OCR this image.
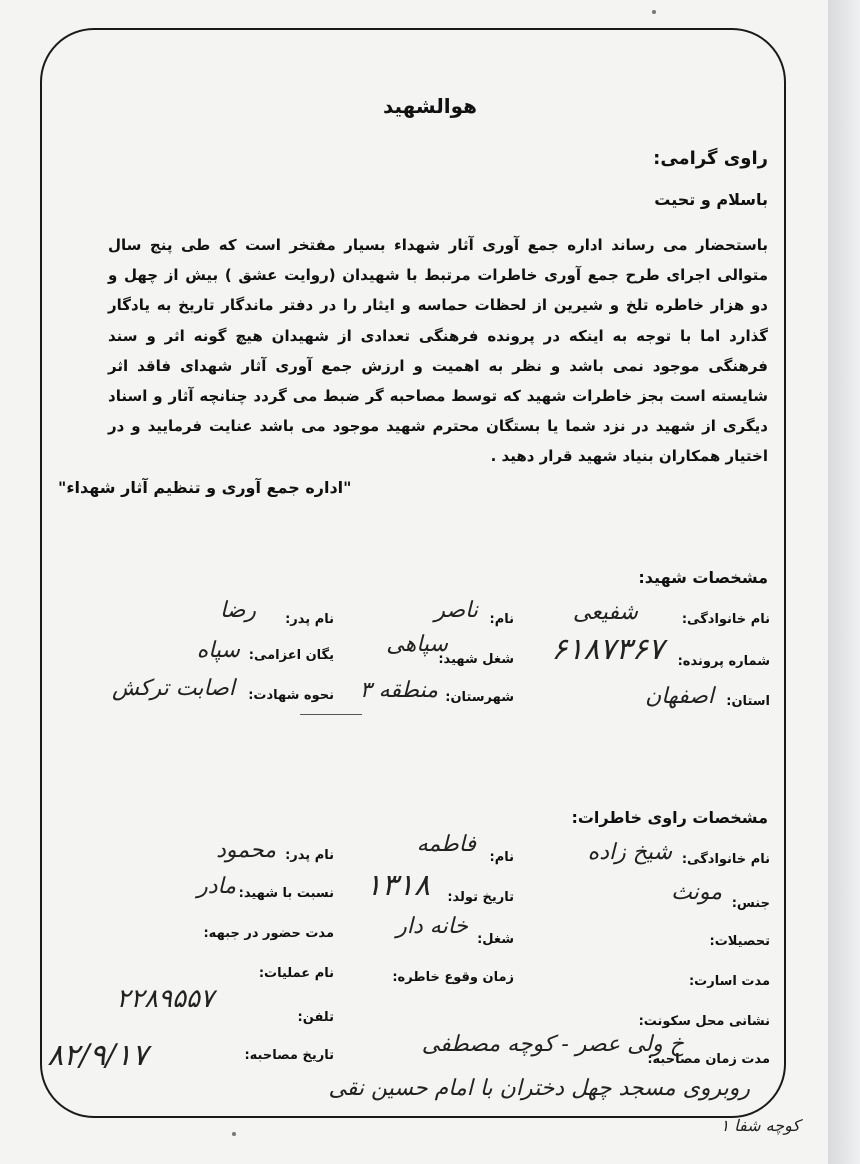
هوالشهید
راوی گرامی:
باسلام و تحیت
باستحضار می رساند اداره جمع آوری آثار شهداء بسیار مفتخر است که طی پنج سال متوالی اجرای طرح جمع آوری خاطرات مرتبط با شهیدان (روایت عشق ) بیش از چهل و دو هزار خاطره تلخ و شیرین از لحظات حماسه و ایثار را در دفتر ماندگار تاریخ به یادگار گذارد اما با توجه به اینکه در پرونده فرهنگی تعدادی از شهیدان هیچ گونه اثر و سند فرهنگی موجود نمی باشد و نظر به اهمیت و ارزش جمع آوری آثار شهدای فاقد اثر شایسته است بجز خاطرات شهید که توسط مصاحبه گر ضبط می گردد چنانچه آثار و اسناد دیگری از شهید در نزد شما یا بستگان محترم شهید موجود می باشد عنایت فرمایید و در اختیار همکاران بنیاد شهید قرار دهید .
"اداره جمع آوری و تنظیم آثار شهداء"
مشخصات شهید:
نام خانوادگی:
شفیعی
نام:
ناصر
نام پدر:
رضا
شماره پرونده:
۶۱۸۷۳۶۷
شغل شهید:
سپاهی
یگان اعزامی:
سپاه
استان:
اصفهان
شهرستان:
منطقه ۳
نحوه شهادت:
اصابت ترکش
مشخصات راوی خاطرات:
نام خانوادگی:
شیخ زاده
نام:
فاطمه
نام پدر:
محمود
جنس:
مونث
تاریخ تولد:
۱۳۱۸
نسبت با شهید:
مادر
تحصیلات:
شغل:
خانه دار
مدت حضور در جبهه:
مدت اسارت:
زمان وقوع خاطره:
نام عملیات:
۲۲۸۹۵۵۷
نشانی محل سکونت:
تلفن:
مدت زمان مصاحبه:
خ ولی عصر - کوچه مصطفی
تاریخ مصاحبه:
۸۲/۹/۱۷
روبروی مسجد چهل دختران با امام حسین نقی
کوچه شفا ۱
